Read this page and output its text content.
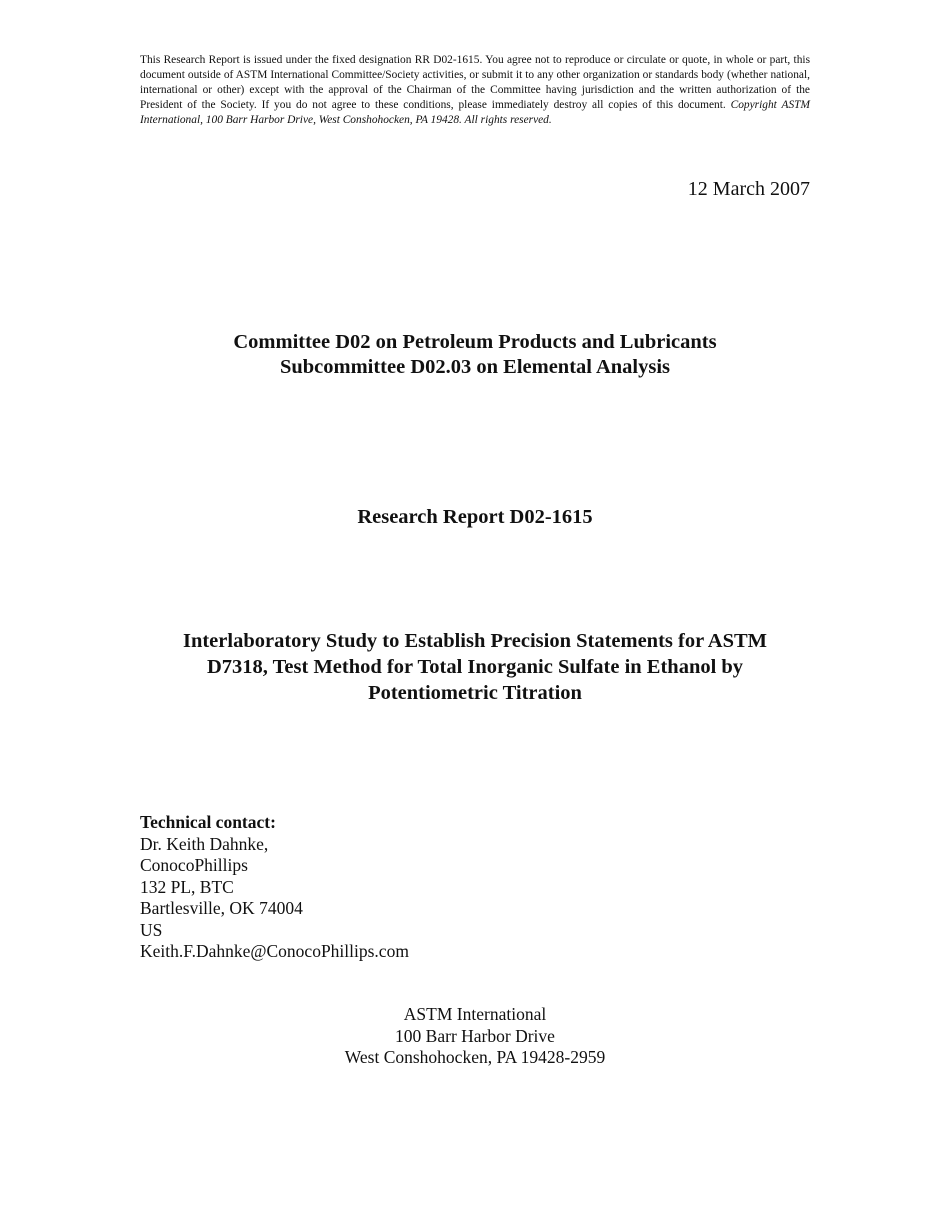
This Research Report is issued under the fixed designation RR D02-1615. You agree not to reproduce or circulate or quote, in whole or part, this document outside of ASTM International Committee/Society activities, or submit it to any other organization or standards body (whether national, international or other) except with the approval of the Chairman of the Committee having jurisdiction and the written authorization of the President of the Society. If you do not agree to these conditions, please immediately destroy all copies of this document. Copyright ASTM International, 100 Barr Harbor Drive, West Conshohocken, PA 19428. All rights reserved.
12 March 2007
Committee D02 on Petroleum Products and Lubricants
Subcommittee D02.03 on Elemental Analysis
Research Report D02-1615
Interlaboratory Study to Establish Precision Statements for ASTM D7318, Test Method for Total Inorganic Sulfate in Ethanol by Potentiometric Titration
Technical contact:
Dr. Keith Dahnke,
ConocoPhillips
132 PL, BTC
Bartlesville, OK 74004
US
Keith.F.Dahnke@ConocoPhillips.com
ASTM International
100 Barr Harbor Drive
West Conshohocken, PA 19428-2959
